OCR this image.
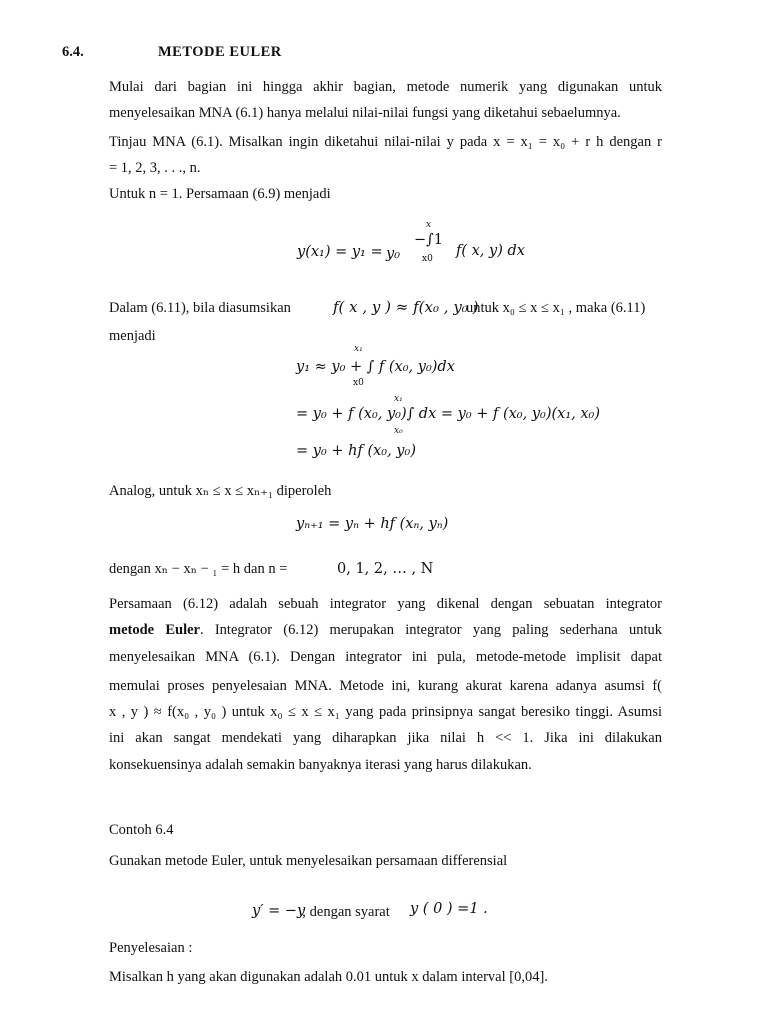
6.4.	METODE EULER
Mulai dari bagian ini hingga akhir bagian, metode numerik yang digunakan untuk
menyelesaikan MNA (6.1) hanya melalui nilai-nilai fungsi yang diketahui sebaelumnya.
Tinjau MNA (6.1). Misalkan ingin diketahui nilai-nilai y pada x = x₁ = x₀ + r h dengan r
= 1, 2, 3, . . ., n.
Untuk n = 1. Persamaan (6.9) menjadi
y(x₁) = y₁ = y₀
x
−∫1
x0 f( x, y) dx
Dalam (6.11), bila diasumsikan	f( x , y ) ≈ f(x₀ , y₀ )
untuk x₀ ≤ x ≤ x₁ , maka (6.11)
menjadi
x₁
y₁ ≈ y₀ + ∫ f (x₀, y₀)dx
x0
x₁
= y₀ + f (x₀, y₀)∫ dx = y₀ + f (x₀, y₀)(x₁, x₀)
x₀
= y₀ + hf (x₀, y₀)
Analog, untuk xₙ ≤ x ≤ xₙ₊₁ diperoleh
yₙ₊₁ = yₙ + hf (xₙ, yₙ)
dengan xₙ − xₙ − ₁ = h dan n =	0, 1, 2, … , N
Persamaan (6.12) adalah sebuah integrator yang dikenal dengan sebuatan integrator
metode Euler. Integrator (6.12) merupakan integrator yang paling sederhana untuk
menyelesaikan MNA (6.1). Dengan integrator ini pula, metode-metode implisit dapat
memulai proses penyelesaian MNA. Metode ini, kurang akurat karena adanya asumsi f(
x , y ) ≈ f(x₀ , y₀ ) untuk x₀ ≤ x ≤ x₁ yang pada prinsipnya sangat beresiko tinggi. Asumsi
ini akan sangat mendekati yang diharapkan jika nilai h << 1. Jika ini dilakukan
konsekuensinya adalah semakin banyaknya iterasi yang harus dilakukan.
Contoh 6.4
Gunakan metode Euler, untuk menyelesaikan persamaan differensial
y′ = −y
; dengan syarat y ( 0 ) =1 .
Penyelesaian :
Misalkan h yang akan digunakan adalah 0.01 untuk x dalam interval [0,04].
